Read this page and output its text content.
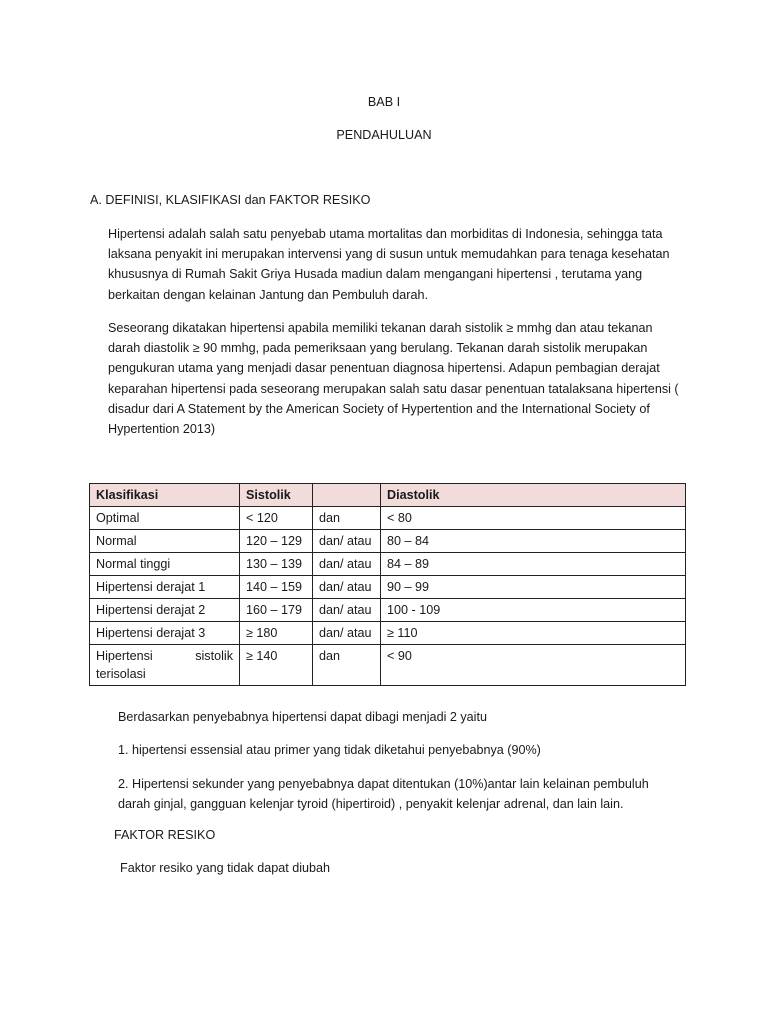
BAB I
PENDAHULUAN
A. DEFINISI, KLASIFIKASI dan FAKTOR RESIKO
Hipertensi adalah salah satu penyebab utama mortalitas dan morbiditas di Indonesia, sehingga tata
laksana penyakit ini merupakan intervensi yang di susun untuk memudahkan para tenaga kesehatan
khususnya di Rumah Sakit Griya Husada madiun dalam mengangani hipertensi , terutama yang
berkaitan dengan kelainan Jantung dan Pembuluh darah.
Seseorang dikatakan hipertensi apabila memiliki tekanan darah sistolik ≥ mmhg dan atau tekanan
darah diastolik ≥ 90 mmhg, pada pemeriksaan yang berulang. Tekanan darah sistolik merupakan
pengukuran utama yang menjadi dasar penentuan diagnosa hipertensi. Adapun pembagian derajat
keparahan hipertensi pada seseorang merupakan salah satu dasar penentuan tatalaksana hipertensi (
disadur dari A Statement by the American Society of Hypertention and the International Society of
Hypertention 2013)
Klasifikasi	Sistolik		Diastolik
Optimal	< 120	dan	< 80
Normal	120 – 129	dan/ atau	80 – 84
Normal tinggi	130 – 139	dan/ atau	84 – 89
Hipertensi derajat 1	140 – 159	dan/ atau	90 – 99
Hipertensi derajat 2	160 – 179	dan/ atau	100 - 109
Hipertensi derajat 3	≥ 180	dan/ atau	≥ 110

Hipertensi sistolik
terisolasi	≥ 140	dan	< 90
Berdasarkan penyebabnya hipertensi dapat dibagi menjadi 2 yaitu
1. hipertensi essensial atau primer yang tidak diketahui penyebabnya (90%)
2. Hipertensi sekunder yang penyebabnya dapat ditentukan (10%)antar lain kelainan pembuluh
darah ginjal, gangguan kelenjar tyroid (hipertiroid) , penyakit kelenjar adrenal, dan lain lain.
FAKTOR RESIKO
Faktor resiko yang tidak dapat diubah
